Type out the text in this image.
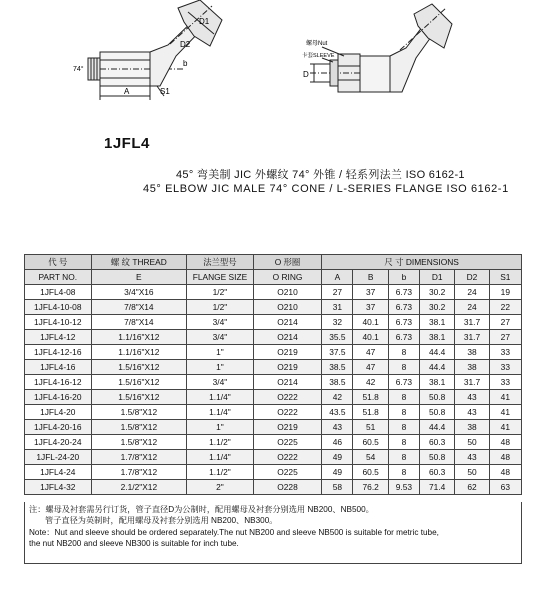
D1
D2
b
S1
A
74°
螺母Nut
卡套SLEEVE
D
1JFL4
45° 弯美制 JIC 外螺纹 74° 外锥 / 轻系列法兰 ISO 6162-1
45° ELBOW JIC MALE 74° CONE / L-SERIES FLANGE ISO 6162-1
代 号	螺 纹 THREAD	法兰型号	O 形圈	尺 寸 DIMENSIONS					
PART NO.	E	FLANGE SIZE	O RING	A	B	b	D1	D2	S1
1JFL4-08	3/4"X16	1/2"	O210	27	37	6.73	30.2	24	19
1JFL4-10-08	7/8"X14	1/2"	O210	31	37	6.73	30.2	24	22
1JFL4-10-12	7/8"X14	3/4"	O214	32	40.1	6.73	38.1	31.7	27
1JFL4-12	1.1/16"X12	3/4"	O214	35.5	40.1	6.73	38.1	31.7	27
1JFL4-12-16	1.1/16"X12	1"	O219	37.5	47	8	44.4	38	33
1JFL4-16	1.5/16"X12	1"	O219	38.5	47	8	44.4	38	33
1JFL4-16-12	1.5/16"X12	3/4"	O214	38.5	42	6.73	38.1	31.7	33
1JFL4-16-20	1.5/16"X12	1.1/4"	O222	42	51.8	8	50.8	43	41
1JFL4-20	1.5/8"X12	1.1/4"	O222	43.5	51.8	8	50.8	43	41
1JFL4-20-16	1.5/8"X12	1"	O219	43	51	8	44.4	38	41
1JFL4-20-24	1.5/8"X12	1.1/2"	O225	46	60.5	8	60.3	50	48
1JFL-24-20	1.7/8"X12	1.1/4"	O222	49	54	8	50.8	43	48
1JFL4-24	1.7/8"X12	1.1/2"	O225	49	60.5	8	60.3	50	48
1JFL4-32	2.1/2"X12	2"	O228	58	76.2	9.53	71.4	62	63
注：螺母及衬套需另行订货，管子直径D为公制时，配用螺母及衬套分别选用 NB200、NB500。
管子直径为英制时，配用螺母及衬套分别选用 NB200、NB300。
Note：Nut and sleeve should be ordered separately.The nut NB200 and sleeve NB500 is suitable for metric tube,
the nut NB200 and sleeve NB300 is suitable for inch tube.
